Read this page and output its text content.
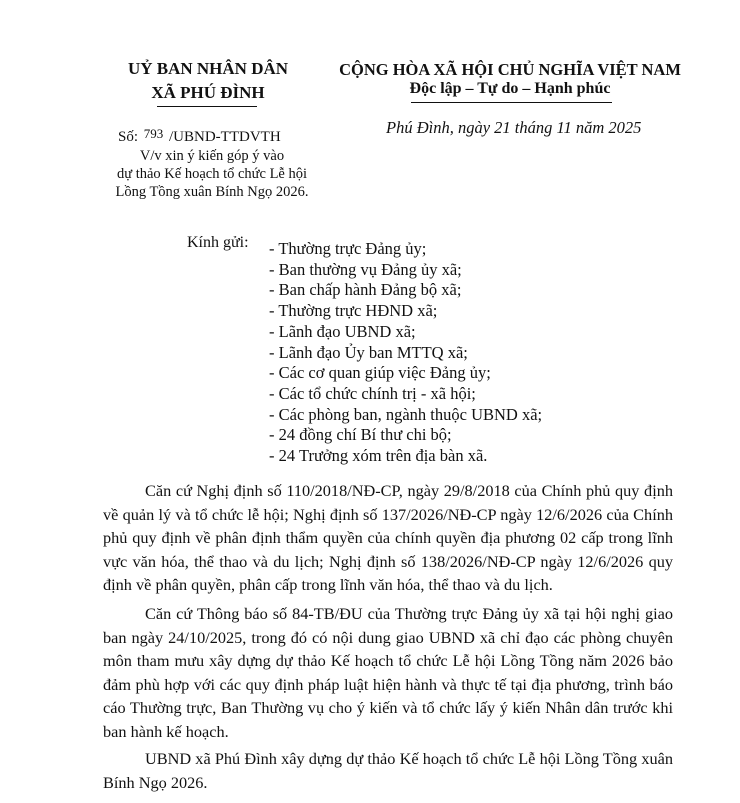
UỶ BAN NHÂN DÂN
XÃ PHÚ ĐÌNH
CỘNG HÒA XÃ HỘI CHỦ NGHĨA VIỆT NAM
Độc lập – Tự do – Hạnh phúc
Phú Đình, ngày 21 tháng 11 năm 2025
Số: 793 /UBND-TTDVTH
V/v xin ý kiến góp ý vào
dự thảo Kế hoạch tổ chức Lễ hội
Lồng Tồng xuân Bính Ngọ 2026.
Kính gửi: - Thường trực Đảng ủy;
- Ban thường vụ Đảng ủy xã;
- Ban chấp hành Đảng bộ xã;
- Thường trực HĐND xã;
- Lãnh đạo UBND xã;
- Lãnh đạo Ủy ban MTTQ xã;
- Các cơ quan giúp việc Đảng ủy;
- Các tổ chức chính trị - xã hội;
- Các phòng ban, ngành thuộc UBND xã;
- 24 đồng chí Bí thư chi bộ;
- 24 Trưởng xóm trên địa bàn xã.
Căn cứ Nghị định số 110/2018/NĐ-CP, ngày 29/8/2018 của Chính phủ quy định về quản lý và tổ chức lễ hội; Nghị định số 137/2026/NĐ-CP ngày 12/6/2026 của Chính phủ quy định về phân định thẩm quyền của chính quyền địa phương 02 cấp trong lĩnh vực văn hóa, thể thao và du lịch; Nghị định số 138/2026/NĐ-CP ngày 12/6/2026 quy định về phân quyền, phân cấp trong lĩnh văn hóa, thể thao và du lịch.
Căn cứ Thông báo số 84-TB/ĐU của Thường trực Đảng ủy xã tại hội nghị giao ban ngày 24/10/2025, trong đó có nội dung giao UBND xã chỉ đạo các phòng chuyên môn tham mưu xây dựng dự thảo Kế hoạch tổ chức Lễ hội Lồng Tồng năm 2026 bảo đảm phù hợp với các quy định pháp luật hiện hành và thực tế tại địa phương, trình báo cáo Thường trực, Ban Thường vụ cho ý kiến và tổ chức lấy ý kiến Nhân dân trước khi ban hành kế hoạch.
UBND xã Phú Đình xây dựng dự thảo Kế hoạch tổ chức Lễ hội Lồng Tồng xuân Bính Ngọ 2026.
